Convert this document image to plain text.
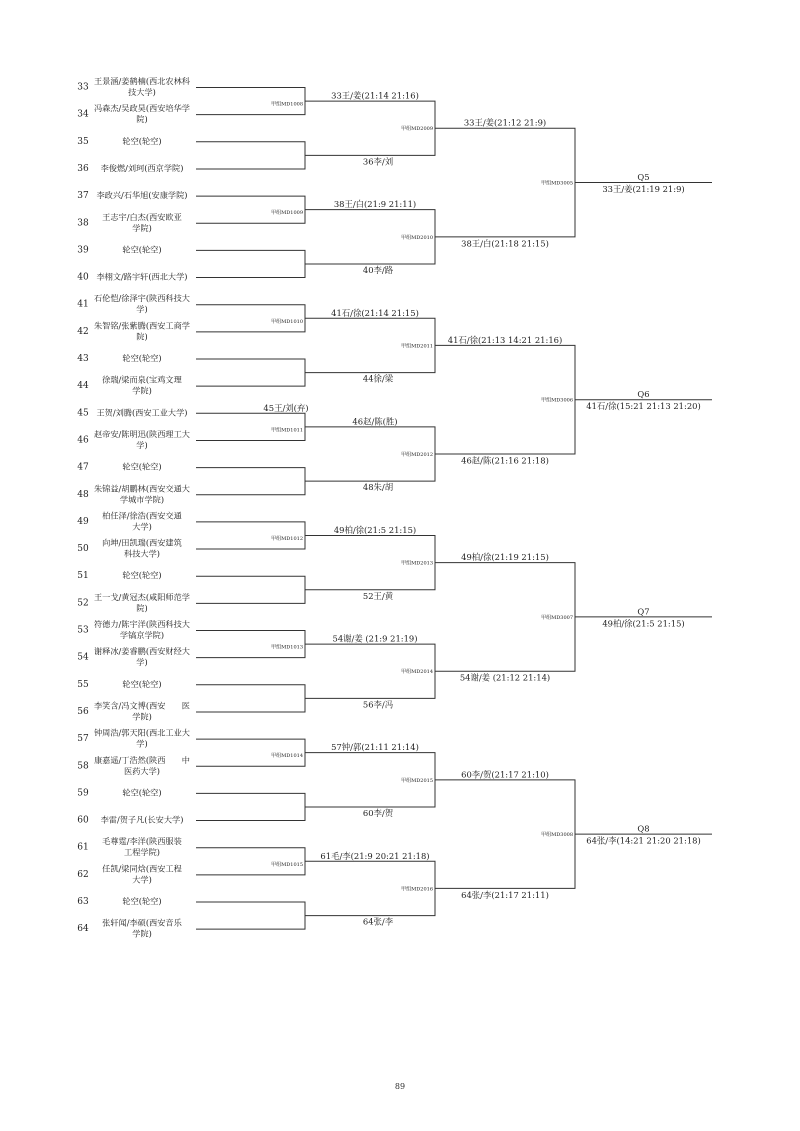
33
王景涵/姜鹤楠(西北农林科
技大学)
34
冯森杰/吴政昊(西安培华学
院)
35	轮空(轮空)
36 李俊燃/刘珂(西京学院)
37 李政兴/石华旭(安康学院)
38
王志宇/白杰(西安欧亚
学院)
39	轮空(轮空)
40 李栩文/路宇轩(西北大学)
41
石伦恺/徐泽宇(陕西科技大
学)
42
朱智铭/张紫腾(西安工商学
院)
43	轮空(轮空)
44
徐瑞/梁而泉(宝鸡文理
学院)
45 王贺/刘腾(西安工业大学)
46
赵帝安/陈明迅(陕西理工大
学)
47	轮空(轮空)
48
朱锦益/胡鹏林(西安交通大
学城市学院)
49
柏任泽/徐浩(西安交通
大学)
50
向坤/田凯瑞(西安建筑
科技大学)
51	轮空(轮空)
52
王一戈/黄冠杰(咸阳师范学
院)
53
符德力/陈宇洋(陕西科技大
学镐京学院)
54
谢释冰/姜睿鹏(西安财经大
学)
55	轮空(轮空)
56
李笑含/冯文博(西安　　医
学院)
57
钟周浩/郭天阳(西北工业大
学)
58
康嘉遥/丁浩然(陕西　　中
医药大学)
59	轮空(轮空)
60 李雷/贺子凡(长安大学)
61
毛尊霆/李洋(陕西服装
工程学院)
62
任凯/梁同焓(西安工程
大学)
63	轮空(轮空)
64
张轩闻/李硕(西安音乐
学院)
甲组MD1008
33王/姜(21:14 21:16)
36李/刘
甲组MD1009
38王/白(21:9 21:11)
40李/路
甲组MD1010
41石/徐(21:14 21:15)
44徐/梁
甲组MD1011
46赵/陈(胜)
48朱/胡
甲组MD1012
49柏/徐(21:5 21:15)
52王/黄
甲组MD1013
54谢/姜 (21:9 21:19)
56李/冯
甲组MD1014
57钟/郭(21:11 21:14)
60李/贺
甲组MD1015
61毛/李(21:9 20:21 21:18)
64张/李
45王/刘(弃)
甲组MD2009
甲组MD2010
甲组MD2011
甲组MD2012
甲组MD2013
甲组MD2014
甲组MD2015
甲组MD2016
33王/姜(21:12 21:9)
38王/白(21:18 21:15)
41石/徐(21:13 14:21 21:16)
46赵/陈(21:16 21:18)
49柏/徐(21:19 21:15)
54谢/姜 (21:12 21:14)
60李/贺(21:17 21:10)
64张/李(21:17 21:11)
甲组MD3005
Q5
33王/姜(21:19 21:9)
甲组MD3006
Q6
41石/徐(15:21 21:13 21:20)
甲组MD3007
Q7
49柏/徐(21:5 21:15)
甲组MD3008
Q8
64张/李(14:21 21:20 21:18)
89
